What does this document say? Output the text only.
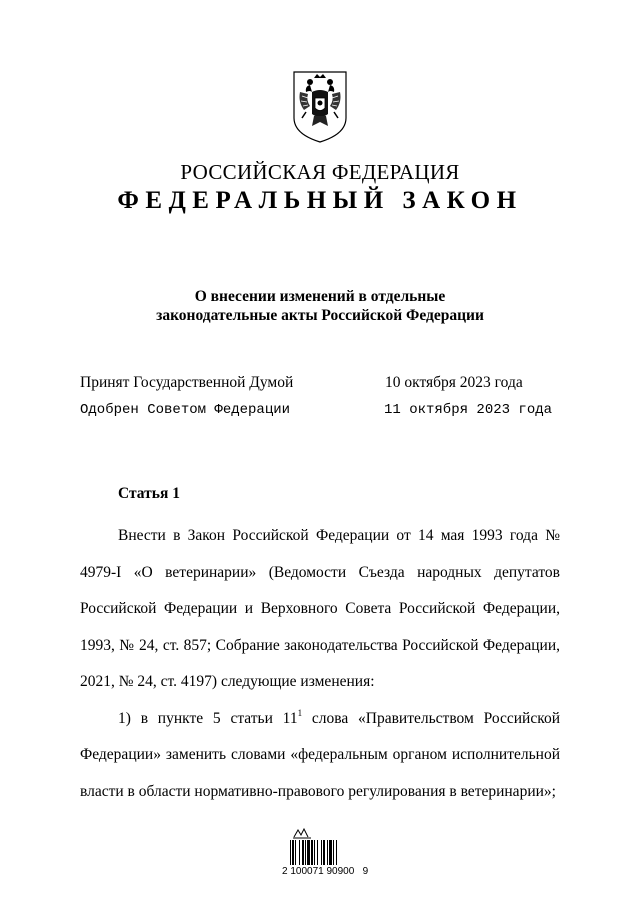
РОССИЙСКАЯ ФЕДЕРАЦИЯ
ФЕДЕРАЛЬНЫЙ ЗАКОН
О внесении изменений в отдельные
законодательные акты Российской Федерации
Принят Государственной Думой	10 октября 2023 года
Одобрен Советом Федерации	11 октября 2023 года
Статья 1

Внести в Закон Российской Федерации от 14 мая 1993 года № 4979-I «О ветеринарии» (Ведомости Съезда народных депутатов Российской Федерации и Верховного Совета Российской Федерации, 1993, № 24, ст. 857; Собрание законодательства Российской Федерации, 2021, № 24, ст. 4197) следующие изменения:

1) в пункте 5 статьи $11^1$ слова «Правительством Российской Федерации» заменить словами «федеральным органом исполнительной власти в области нормативно-правового регулирования в ветеринарии»;

2 100071 90900   9
